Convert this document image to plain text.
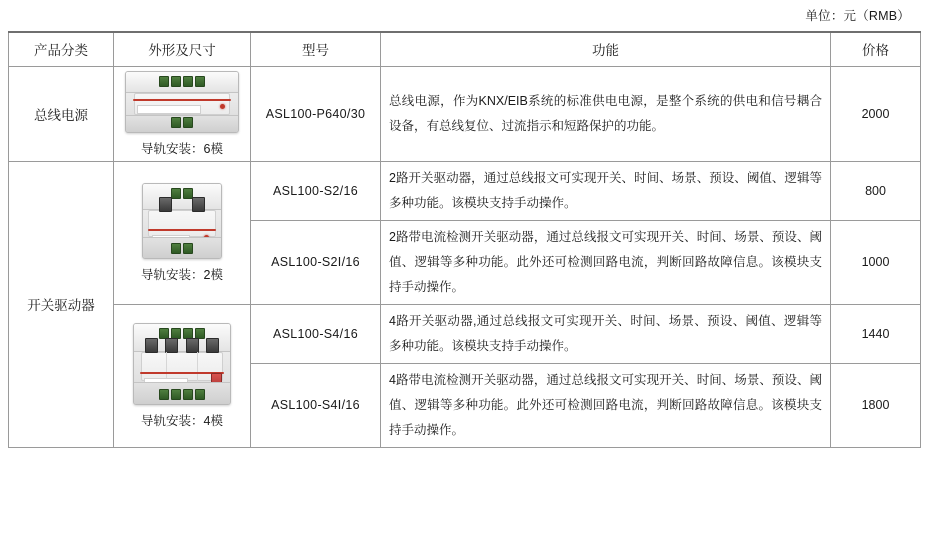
单位：元（RMB）
产品分类	外形及尺寸	型号	功能	价格
总线电源	导轨安装：6模	ASL100-P640/30	总线电源，作为KNX/EIB系统的标准供电电源，是整个系统的供电和信号耦合设备，有总线复位、过流指示和短路保护的功能。	2000
开关驱动器	导轨安装：2模	ASL100-S2/16	2路开关驱动器，通过总线报文可实现开关、时间、场景、预设、阈值、逻辑等多种功能。该模块支持手动操作。	800
		ASL100-S2I/16	2路带电流检测开关驱动器，通过总线报文可实现开关、时间、场景、预设、阈值、逻辑等多种功能。此外还可检测回路电流，判断回路故障信息。该模块支持手动操作。	1000

	导轨安装：4模	ASL100-S4/16	4路开关驱动器,通过总线报文可实现开关、时间、场景、预设、阈值、逻辑等多种功能。该模块支持手动操作。	1440
		ASL100-S4I/16	4路带电流检测开关驱动器，通过总线报文可实现开关、时间、场景、预设、阈值、逻辑等多种功能。此外还可检测回路电流，判断回路故障信息。该模块支持手动操作。	1800
